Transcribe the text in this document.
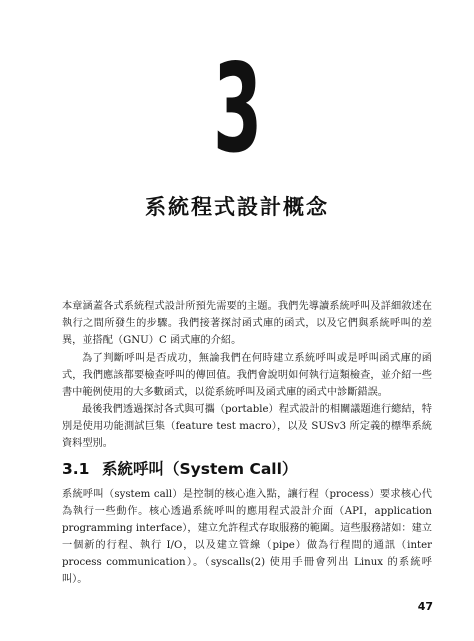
3
系統程式設計概念

本章涵蓋各式系統程式設計所預先需要的主題。我們先導讀系統呼叫及詳細敘述在執行之間所發生的步驟。我們接著探討函式庫的函式，以及它們與系統呼叫的差異，並搭配（GNU）C 函式庫的介紹。

為了判斷呼叫是否成功，無論我們在何時建立系統呼叫或是呼叫函式庫的函式，我們應該都要檢查呼叫的傳回值。我們會說明如何執行這類檢查，並介紹一些書中範例使用的大多數函式，以從系統呼叫及函式庫的函式中診斷錯誤。

最後我們透過探討各式與可攜（portable）程式設計的相關議題進行總結，特別是使用功能測試巨集（feature test macro），以及 SUSv3 所定義的標準系統資料型別。

3.1 系統呼叫（System Call）

系統呼叫（system call）是控制的核心進入點，讓行程（process）要求核心代為執行一些動作。核心透過系統呼叫的應用程式設計介面（API，application programming interface），建立允許程式存取服務的範圍。這些服務諸如：建立一個新的行程、執行 I/O，以及建立管線（pipe）做為行程間的通訊（inter process communication）。（syscalls(2) 使用手冊會列出 Linux 的系統呼叫）。

47
